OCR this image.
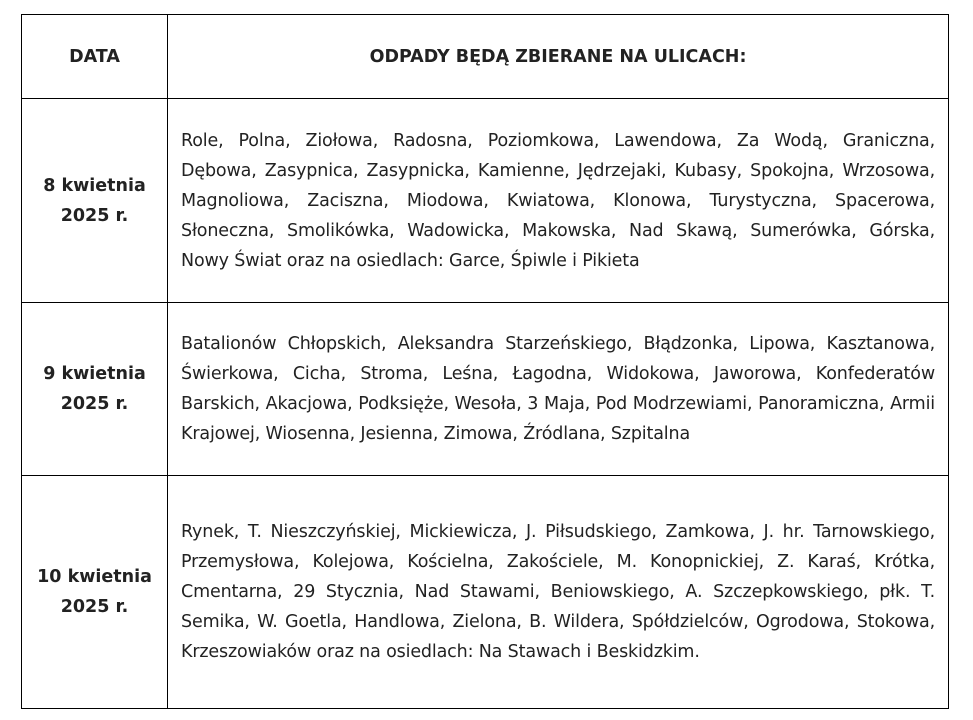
DATA	ODPADY BĘDĄ ZBIERANE NA ULICACH:

8 kwietnia
2025 r.	Role, Polna, Ziołowa, Radosna, Poziomkowa, Lawendowa, Za Wodą, Graniczna, Dębowa, Zasypnica, Zasypnicka, Kamienne, Jędrzejaki, Kubasy, Spokojna, Wrzosowa, Magnoliowa, Zaciszna, Miodowa, Kwiatowa, Klonowa, Turystyczna, Spacerowa, Słoneczna, Smolikówka, Wadowicka, Makowska, Nad Skawą, Sumerówka, Górska, Nowy Świat oraz na osiedlach: Garce, Śpiwle i Pikieta

9 kwietnia
2025 r.	Batalionów Chłopskich, Aleksandra Starzeńskiego, Błądzonka, Lipowa, Kasztanowa, Świerkowa, Cicha, Stroma, Leśna, Łagodna, Widokowa, Jaworowa, Konfederatów Barskich, Akacjowa, Podksięże, Wesoła, 3 Maja, Pod Modrzewiami, Panoramiczna, Armii Krajowej, Wiosenna, Jesienna, Zimowa, Źródlana, Szpitalna

10 kwietnia
2025 r.	Rynek, T. Nieszczyńskiej, Mickiewicza, J. Piłsudskiego, Zamkowa, J. hr. Tarnowskiego, Przemysłowa, Kolejowa, Kościelna, Zakościele, M. Konopnickiej, Z. Karaś, Krótka, Cmentarna, 29 Stycznia, Nad Stawami, Beniowskiego, A. Szczepkowskiego, płk. T. Semika, W. Goetla, Handlowa, Zielona, B. Wildera, Spółdzielców, Ogrodowa, Stokowa, Krzeszowiaków oraz na osiedlach: Na Stawach i Beskidzkim.
